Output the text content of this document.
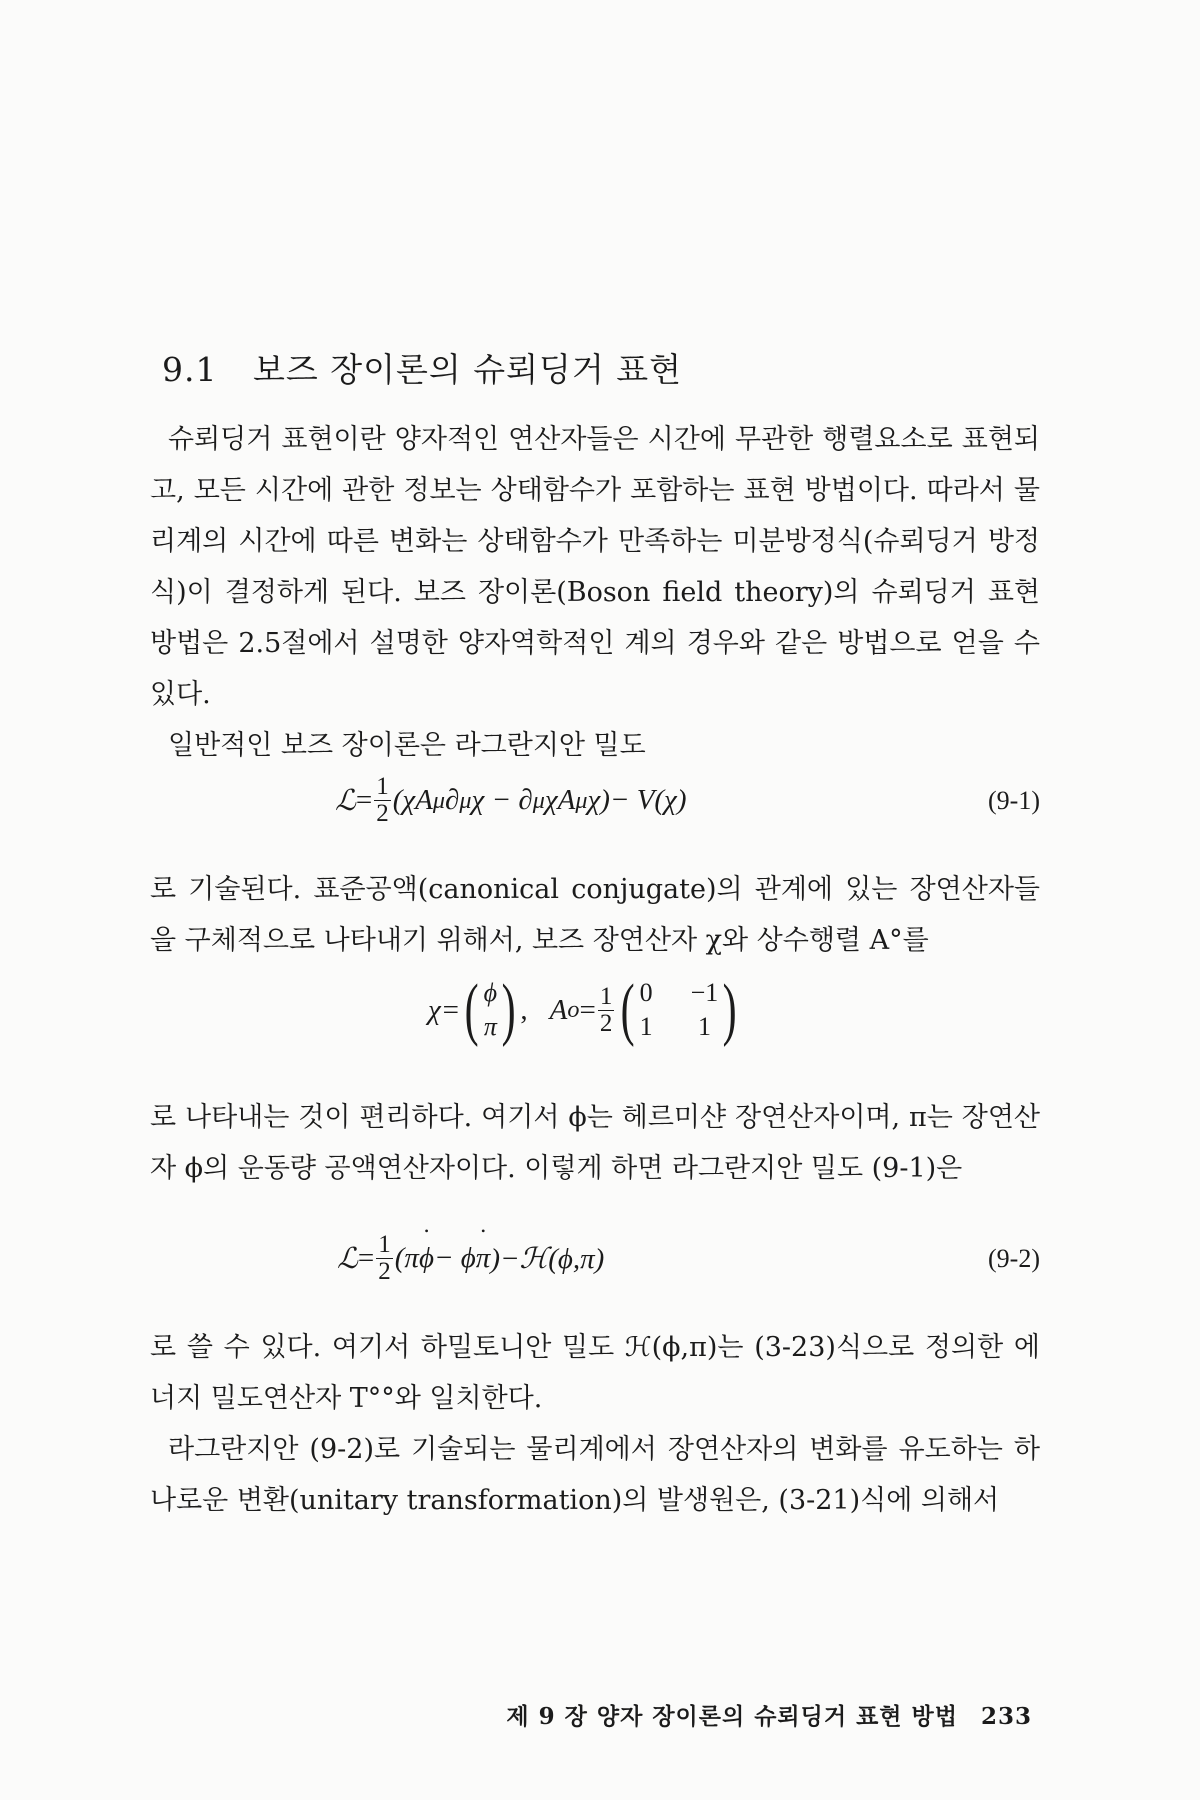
9.1 보즈 장이론의 슈뢰딩거 표현

슈뢰딩거 표현이란 양자적인 연산자들은 시간에 무관한 행렬요소로 표현되고, 모든 시간에 관한 정보는 상태함수가 포함하는 표현 방법이다. 따라서 물리계의 시간에 따른 변화는 상태함수가 만족하는 미분방정식(슈뢰딩거 방정식)이 결정하게 된다. 보즈 장이론(Boson field theory)의 슈뢰딩거 표현 방법은 2.5절에서 설명한 양자역학적인 계의 경우와 같은 방법으로 얻을 수 있다.

일반적인 보즈 장이론은 라그란지안 밀도

ℒ = $\frac{1}{2} (\chi A$ μ ∂ μ χ − ∂ μ χA μ χ)− V(χ)	(9-1)

로 기술된다. 표준공액(canonical conjugate)의 관계에 있는 장연산자들을 구체적으로 나타내기 위해서, 보즈 장연산자 χ와 상수행렬 A°를

χ= ( ϕ
π ) , A $o = \frac{1}{2}$ ( 0 −1
1 1 )

로 나타내는 것이 편리하다. 여기서 ϕ는 헤르미샨 장연산자이며, π는 장연산자 ϕ의 운동량 공액연산자이다. 이렇게 하면 라그란지안 밀도 (9-1)은

ℒ = $\frac{1}{2} (\pi$ ϕ • − ϕ π • )−ℋ(ϕ,π)	(9-2)

로 쓸 수 있다. 여기서 하밀토니안 밀도 ℋ(ϕ,π)는 (3-23)식으로 정의한 에너지 밀도연산자 T°°와 일치한다.

라그란지안 (9-2)로 기술되는 물리계에서 장연산자의 변화를 유도하는 하나로운 변환(unitary transformation)의 발생원은, (3-21)식에 의해서

제 9 장 양자 장이론의 슈뢰딩거 표현 방법 233
